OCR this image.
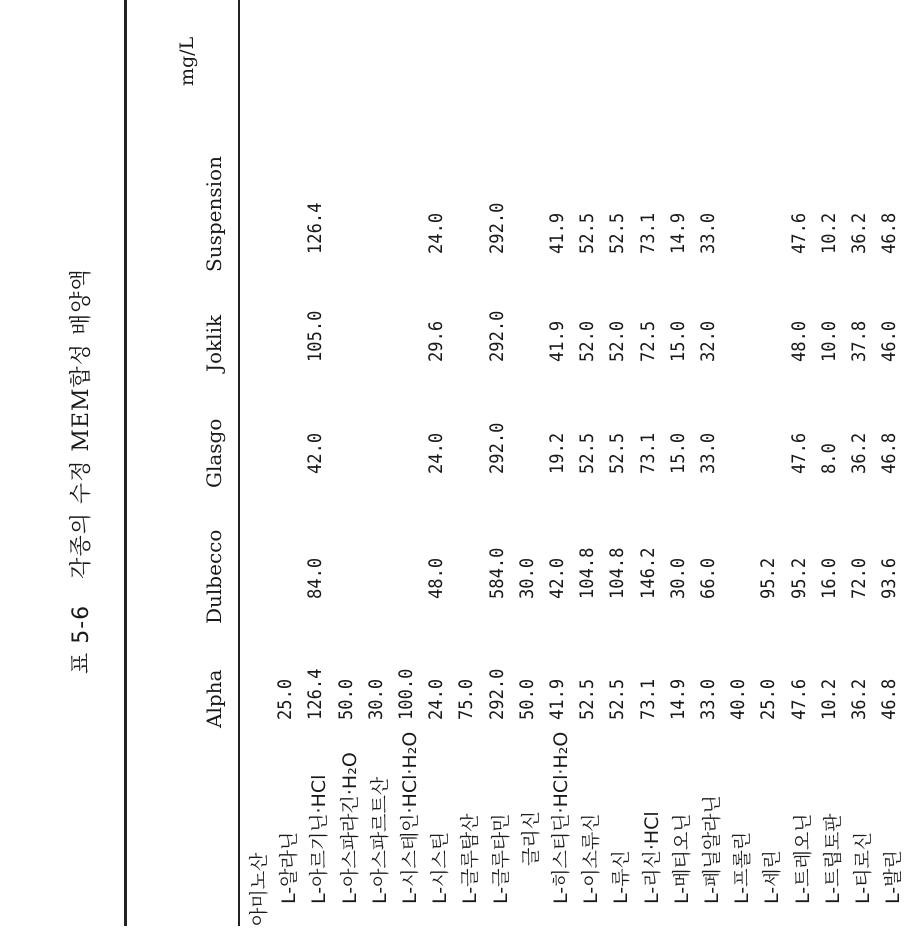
표 5-6각종의 수정 MEM합성 배양액
mg/L
Alpha
Dulbecco
Glasgo
Joklik
Suspension
아미노산 L-알라닌
25.0
L-아르기닌·HCl
126.4
84.0
42.0
105.0
126.4
L-아스파라긴·H₂O
50.0
L-아스파르트산
30.0
L-시스테인·HCl·H₂O
100.0
L-시스틴
24.0
48.0
24.0
29.6
24.0
L-글루탐산
75.0
L-글루타민
292.0
584.0
292.0
292.0
292.0
글리신
50.0
30.0
L-히스티딘·HCl·H₂O
41.9
42.0
19.2
41.9
41.9
L-이소류신
52.5
104.8
52.5
52.0
52.5
L-류신
52.5
104.8
52.5
52.0
52.5
L-리신·HCl
73.1
146.2
73.1
72.5
73.1
L-메티오닌
14.9
30.0
15.0
15.0
14.9
L-페닐알라닌
33.0
66.0
33.0
32.0
33.0
L-프롤린
40.0
L-세린
25.0
95.2
L-트레오닌
47.6
95.2
47.6
48.0
47.6
L-트립토판
10.2
16.0
8.0
10.0
10.2
L-티로신
36.2
72.0
36.2
37.8
36.2
L-발린
46.8
93.6
46.8
46.0
46.8
